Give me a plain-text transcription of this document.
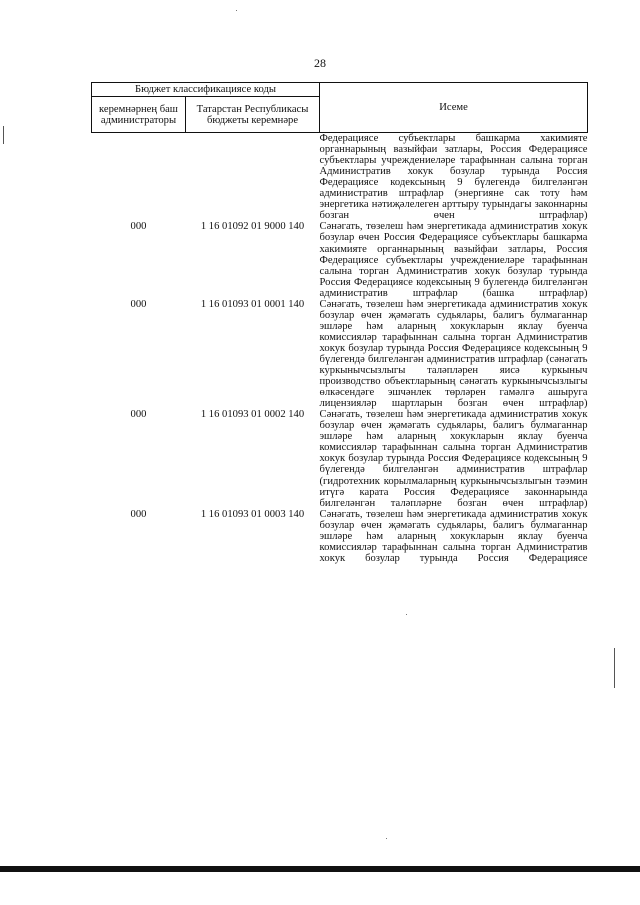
28
Бюджет классификациясе коды		Исеме
керемнәрнең баш администраторы	Татарстан Республикасы бюджеты керемнәре	
		Федерациясе субъектлары башкарма хакимияте органнарының вазыйфаи затлары, Россия Федерациясе субъектлары учреждениеләре тарафыннан салына торган Административ хокук бозулар турында Россия Федерациясе кодексының 9 бүлегендә билгеләнгән административ штрафлар (энергияне сак тоту һәм энергетика нәтиҗәлелеген арттыру турындагы законнарны бозган өчен штрафлар)
000	1 16 01092 01 9000 140	Сәнәгать, төзелеш һәм энергетикада административ хокук бозулар өчен Россия Федерациясе субъектлары башкарма хакимияте органнарының вазыйфаи затлары, Россия Федерациясе субъектлары учреждениеләре тарафыннан салына торган Административ хокук бозулар турында Россия Федерациясе кодексының 9 бүлегендә билгеләнгән административ штрафлар (башка штрафлар)
000	1 16 01093 01 0001 140	Сәнәгать, төзелеш һәм энергетикада административ хокук бозулар өчен җәмәгать судьялары, балигъ булмаганнар эшләре һәм аларның хокукларын яклау буенча комиссияләр тарафыннан салына торган Административ хокук бозулар турында Россия Федерациясе кодексының 9 бүлегендә билгеләнгән административ штрафлар (сәнәгать куркынычсызлыгы таләпләрен яисә куркыныч производство объектларының сәнәгать куркынычсызлыгы өлкәсендәге эшчәнлек төрләрен гамәлгә ашыруга лицензияләр шартларын бозган өчен штрафлар)
000	1 16 01093 01 0002 140	Сәнәгать, төзелеш һәм энергетикада административ хокук бозулар өчен җәмәгать судьялары, балигъ булмаганнар эшләре һәм аларның хокукларын яклау буенча комиссияләр тарафыннан салына торган Административ хокук бозулар турында Россия Федерациясе кодексының 9 бүлегендә билгеләнгән административ штрафлар (гидротехник корылмаларның куркынычсызлыгын тәэмин итүгә карата Россия Федерациясе законнарында билгеләнгән таләпләрне бозган өчен штрафлар)
000	1 16 01093 01 0003 140	Сәнәгать, төзелеш һәм энергетикада административ хокук бозулар өчен җәмәгать судьялары, балигъ булмаганнар эшләре һәм аларның хокукларын яклау буенча комиссияләр тарафыннан салына торган Административ хокук бозулар турында Россия Федерациясе
